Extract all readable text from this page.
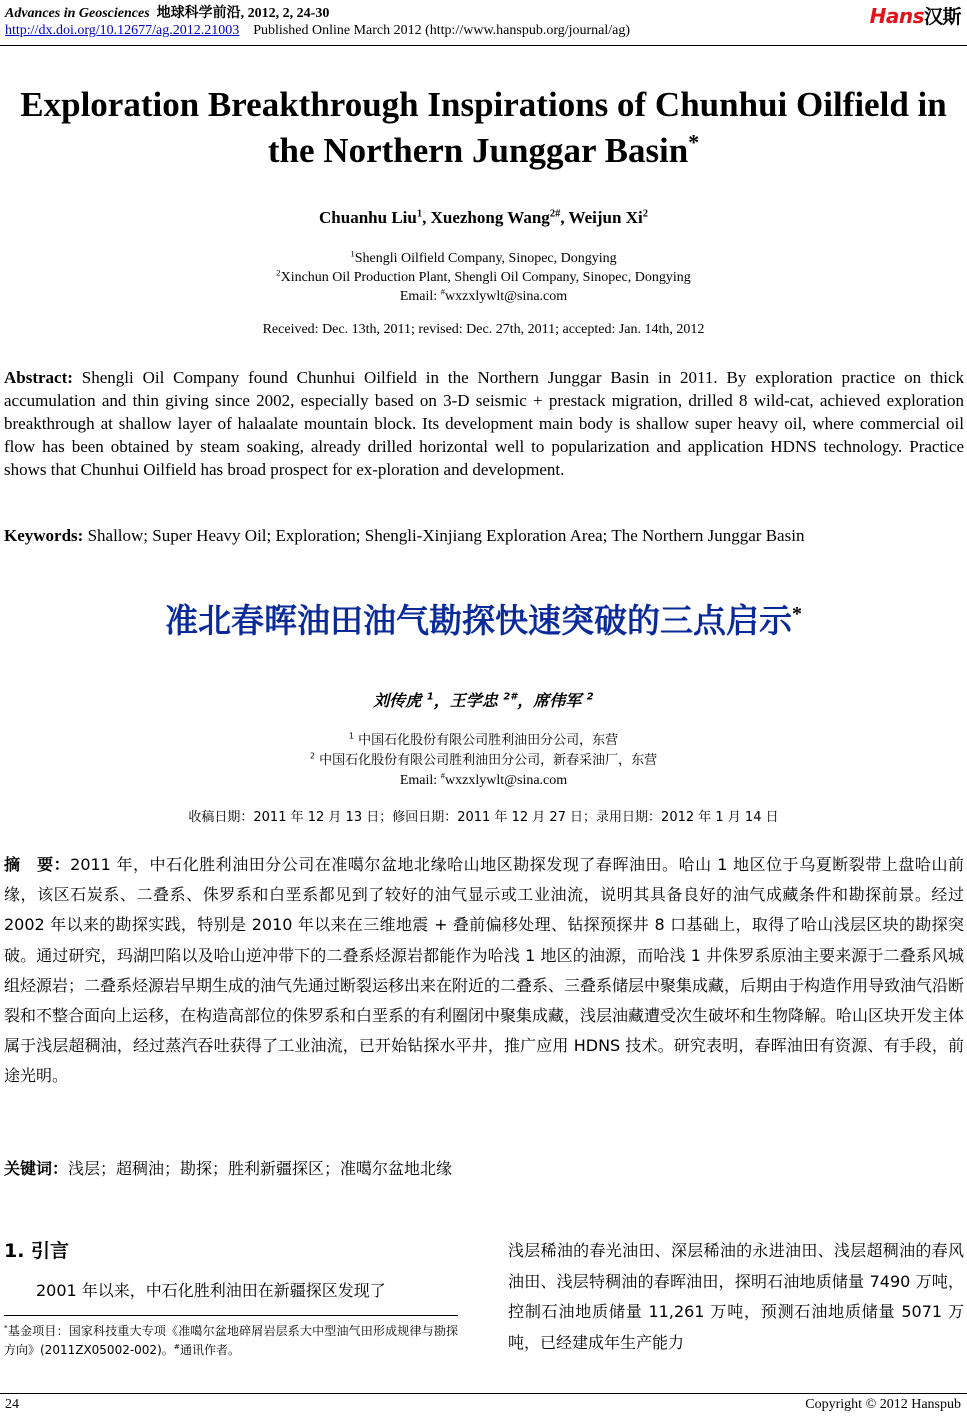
Advances in Geosciences 地球科学前沿, 2012, 2, 24-30
http://dx.doi.org/10.12677/ag.2012.21003 Published Online March 2012 (http://www.hanspub.org/journal/ag)
Hans汉斯
Exploration Breakthrough Inspirations of Chunhui Oilfield in
the Northern Junggar Basin*
Chuanhu Liu$^1$, Xuezhong Wang$^{2\#}$, Weijun Xi$^2$
$^1$Shengli Oilfield Company, Sinopec, Dongying
$^2$Xinchun Oil Production Plant, Shengli Oil Company, Sinopec, Dongying
Email: #wxzxlywlt@sina.com
Received: Dec. 13th, 2011; revised: Dec. 27th, 2011; accepted: Jan. 14th, 2012
Abstract: Shengli Oil Company found Chunhui Oilfield in the Northern Junggar Basin in 2011. By exploration practice on thick accumulation and thin giving since 2002, especially based on 3-D seismic + prestack migration, drilled 8 wild-cat, achieved exploration breakthrough at shallow layer of halaalate mountain block. Its development main body is shallow super heavy oil, where commercial oil flow has been obtained by steam soaking, already drilled horizontal well to popularization and application HDNS technology. Practice shows that Chunhui Oilfield has broad prospect for ex-ploration and development.
Keywords: Shallow; Super Heavy Oil; Exploration; Shengli-Xinjiang Exploration Area; The Northern Junggar Basin
准北春晖油田油气勘探快速突破的三点启示*
刘传虎 $^1$，王学忠 $^{2\#}$，席伟军 $^2$
$^1$ 中国石化股份有限公司胜利油田分公司，东营
$^2$ 中国石化股份有限公司胜利油田分公司，新春采油厂，东营
Email: #wxzxlywlt@sina.com
收稿日期：2011 年 12 月 13 日；修回日期：2011 年 12 月 27 日；录用日期：2012 年 1 月 14 日
摘　要：2011 年，中石化胜利油田分公司在准噶尔盆地北缘哈山地区勘探发现了春晖油田。哈山 1 地区位于乌夏断裂带上盘哈山前缘，该区石炭系、二叠系、侏罗系和白垩系都见到了较好的油气显示或工业油流，说明其具备良好的油气成藏条件和勘探前景。经过 2002 年以来的勘探实践，特别是 2010 年以来在三维地震 + 叠前偏移处理、钻探预探井 8 口基础上，取得了哈山浅层区块的勘探突破。通过研究，玛湖凹陷以及哈山逆冲带下的二叠系烃源岩都能作为哈浅 1 地区的油源，而哈浅 1 井侏罗系原油主要来源于二叠系风城组烃源岩；二叠系烃源岩早期生成的油气先通过断裂运移出来在附近的二叠系、三叠系储层中聚集成藏，后期由于构造作用导致油气沿断裂和不整合面向上运移，在构造高部位的侏罗系和白垩系的有利圈闭中聚集成藏，浅层油藏遭受次生破坏和生物降解。哈山区块开发主体属于浅层超稠油，经过蒸汽吞吐获得了工业油流，已开始钻探水平井，推广应用 HDNS 技术。研究表明，春晖油田有资源、有手段，前途光明。
关键词：浅层；超稠油；勘探；胜利新疆探区；准噶尔盆地北缘
1. 引言
2001 年以来，中石化胜利油田在新疆探区发现了
*基金项目：国家科技重大专项《准噶尔盆地碎屑岩层系大中型油气田形成规律与勘探方向》(2011ZX05002-002)。#通讯作者。
浅层稀油的春光油田、深层稀油的永进油田、浅层超稠油的春风油田、浅层特稠油的春晖油田，探明石油地质储量 7490 万吨，控制石油地质储量 11,261 万吨，预测石油地质储量 5071 万吨，已经建成年生产能力
24	Copyright © 2012 Hanspub
